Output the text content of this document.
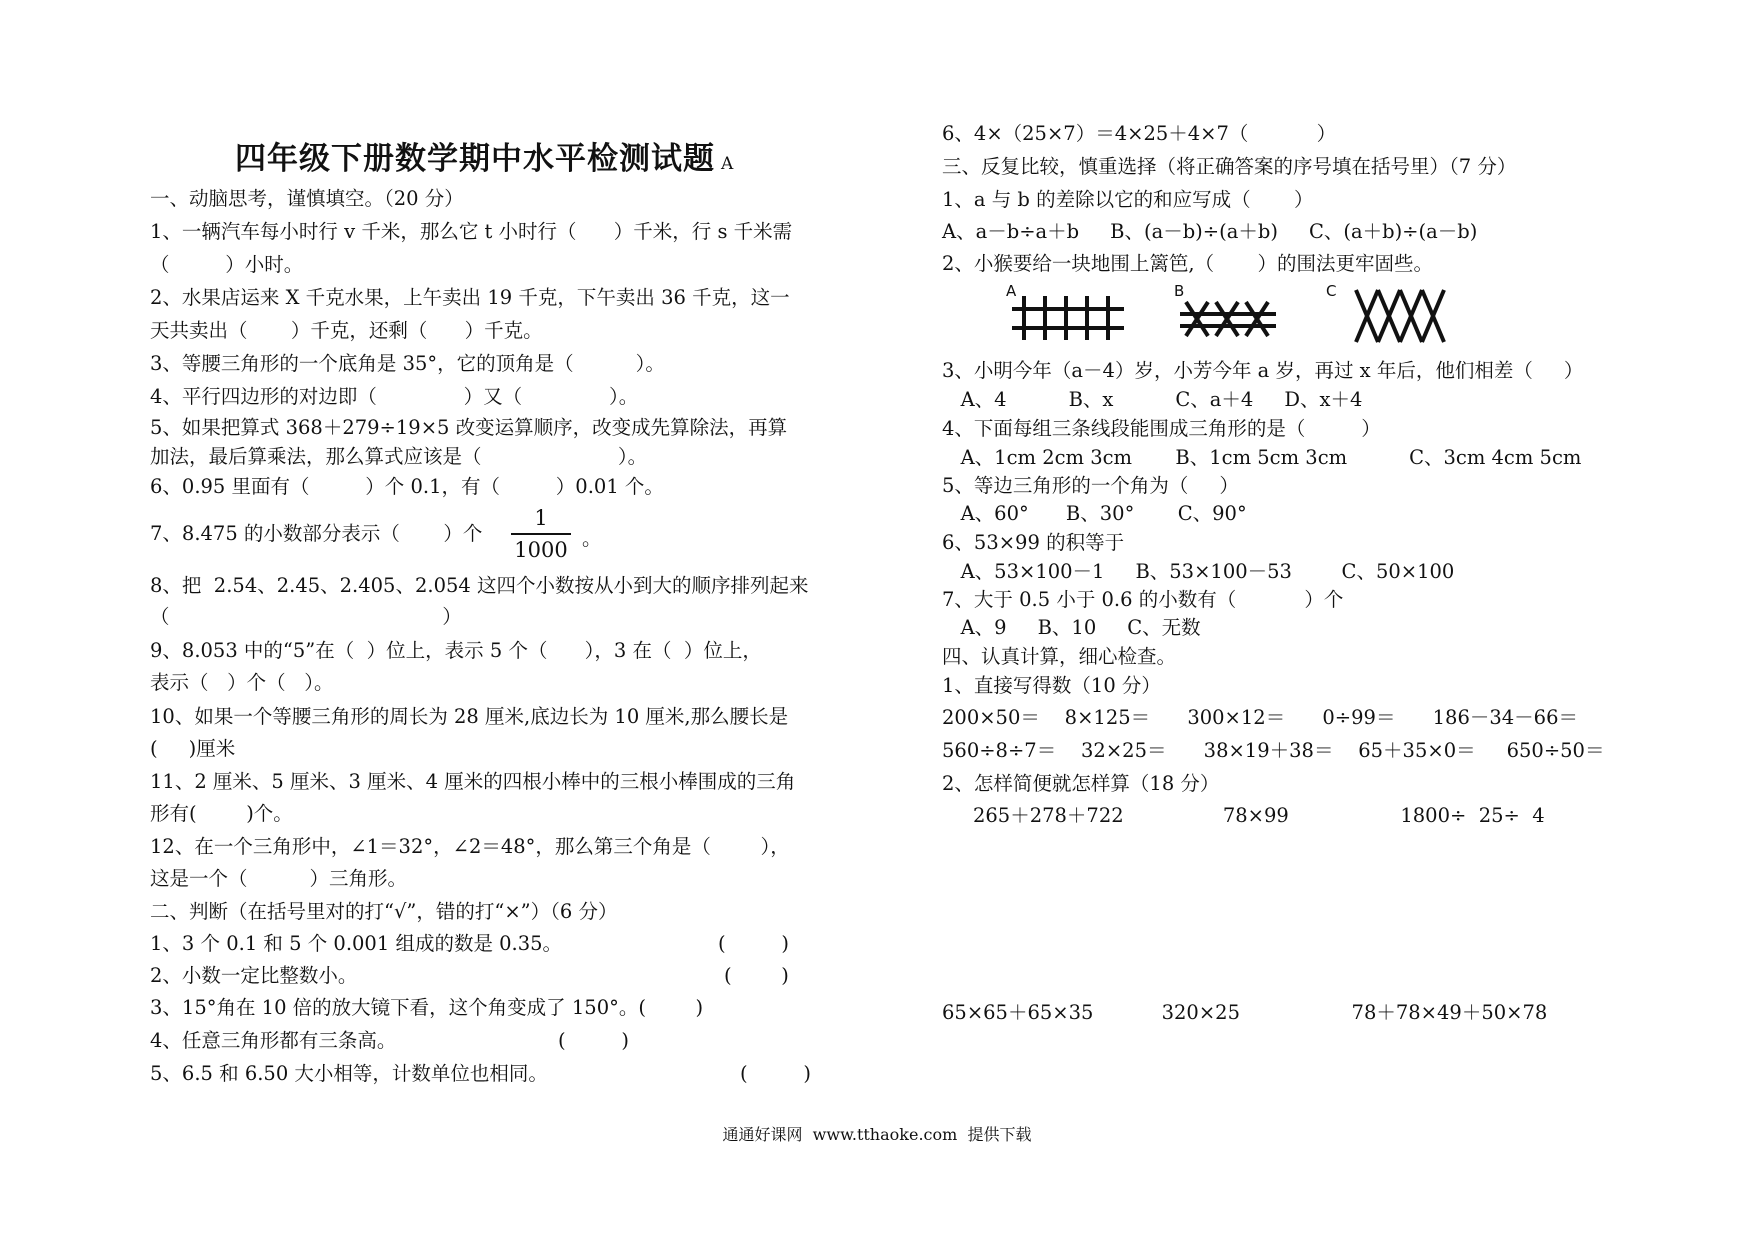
四年级下册数学期中水平检测试题 A
一、动脑思考，谨慎填空。（20 分）
1、一辆汽车每小时行 v 千米，那么它 t 小时行（      ）千米，行 s 千米需
（         ）小时。
2、水果店运来 X 千克水果，上午卖出 19 千克，下午卖出 36 千克，这一
天共卖出（       ）千克，还剩（      ）千克。
3、等腰三角形的一个底角是 35°，它的顶角是（          ）。
4、平行四边形的对边即（              ）又（              ）。
5、如果把算式 368＋279÷19×5 改变运算顺序，改变成先算除法，再算
加法，最后算乘法，那么算式应该是（                      ）。
6、0.95 里面有（         ）个 0.1，有（         ）0.01 个。
7、8.475 的小数部分表示（       ）个
1
1000 。
8、把  2.54、2.45、2.405、2.054 这四个小数按从小到大的顺序排列起来
（                                            ）
9、8.053 中的“5”在（  ）位上，表示 5 个（      ），3 在（  ）位上，
表示（   ）个（   ）。
10、如果一个等腰三角形的周长为 28 厘米,底边长为 10 厘米,那么腰长是
(     )厘米
11、2 厘米、5 厘米、3 厘米、4 厘米的四根小棒中的三根小棒围成的三角
形有(        )个。
12、在一个三角形中，∠1＝32°，∠2＝48°，那么第三个角是（        ），
这是一个（          ）三角形。
二、判断（在括号里对的打“√”，错的打“×”）（6 分）
1、3 个 0.1 和 5 个 0.001 组成的数是 0.35。	(         )
2、小数一定比整数小。	(        )
3、15°角在 10 倍的放大镜下看，这个角变成了 150°。(        )
4、任意三角形都有三条高。	(         )
5、6.5 和 6.50 大小相等，计数单位也相同。	(         )
6、4×（25×7）＝4×25＋4×7（           ）
三、反复比较，慎重选择（将正确答案的序号填在括号里）（7 分）
1、a 与 b 的差除以它的和应写成（       ）
A、a－b÷a＋b     B、(a－b)÷(a＋b)     C、(a＋b)÷(a－b)
2、小猴要给一块地围上篱笆,（       ）的围法更牢固些。
A	B	C
3、小明今年（a－4）岁，小芳今年 a 岁，再过 x 年后，他们相差（     ）
A、4          B、x          C、a＋4     D、x＋4
4、下面每组三条线段能围成三角形的是（         ）
A、1cm 2cm 3cm       B、1cm 5cm 3cm          C、3cm 4cm 5cm
5、等边三角形的一个角为（     ）
A、60°      B、30°       C、90°
6、53×99 的积等于
A、53×100－1     B、53×100－53        C、50×100
7、大于 0.5 小于 0.6 的小数有（           ）个
A、9     B、10     C、无数
四、认真计算，细心检查。
1、直接写得数（10 分）
200×50＝    8×125＝      300×12＝      0÷99＝      186－34－66＝
560÷8÷7＝    32×25＝      38×19＋38＝    65＋35×0＝     650÷50＝
2、怎样简便就怎样算（18 分）
265＋278＋722                78×99                  1800÷  25÷  4
65×65＋65×35           320×25                  78＋78×49＋50×78
通通好课网  www.tthaoke.com  提供下载
